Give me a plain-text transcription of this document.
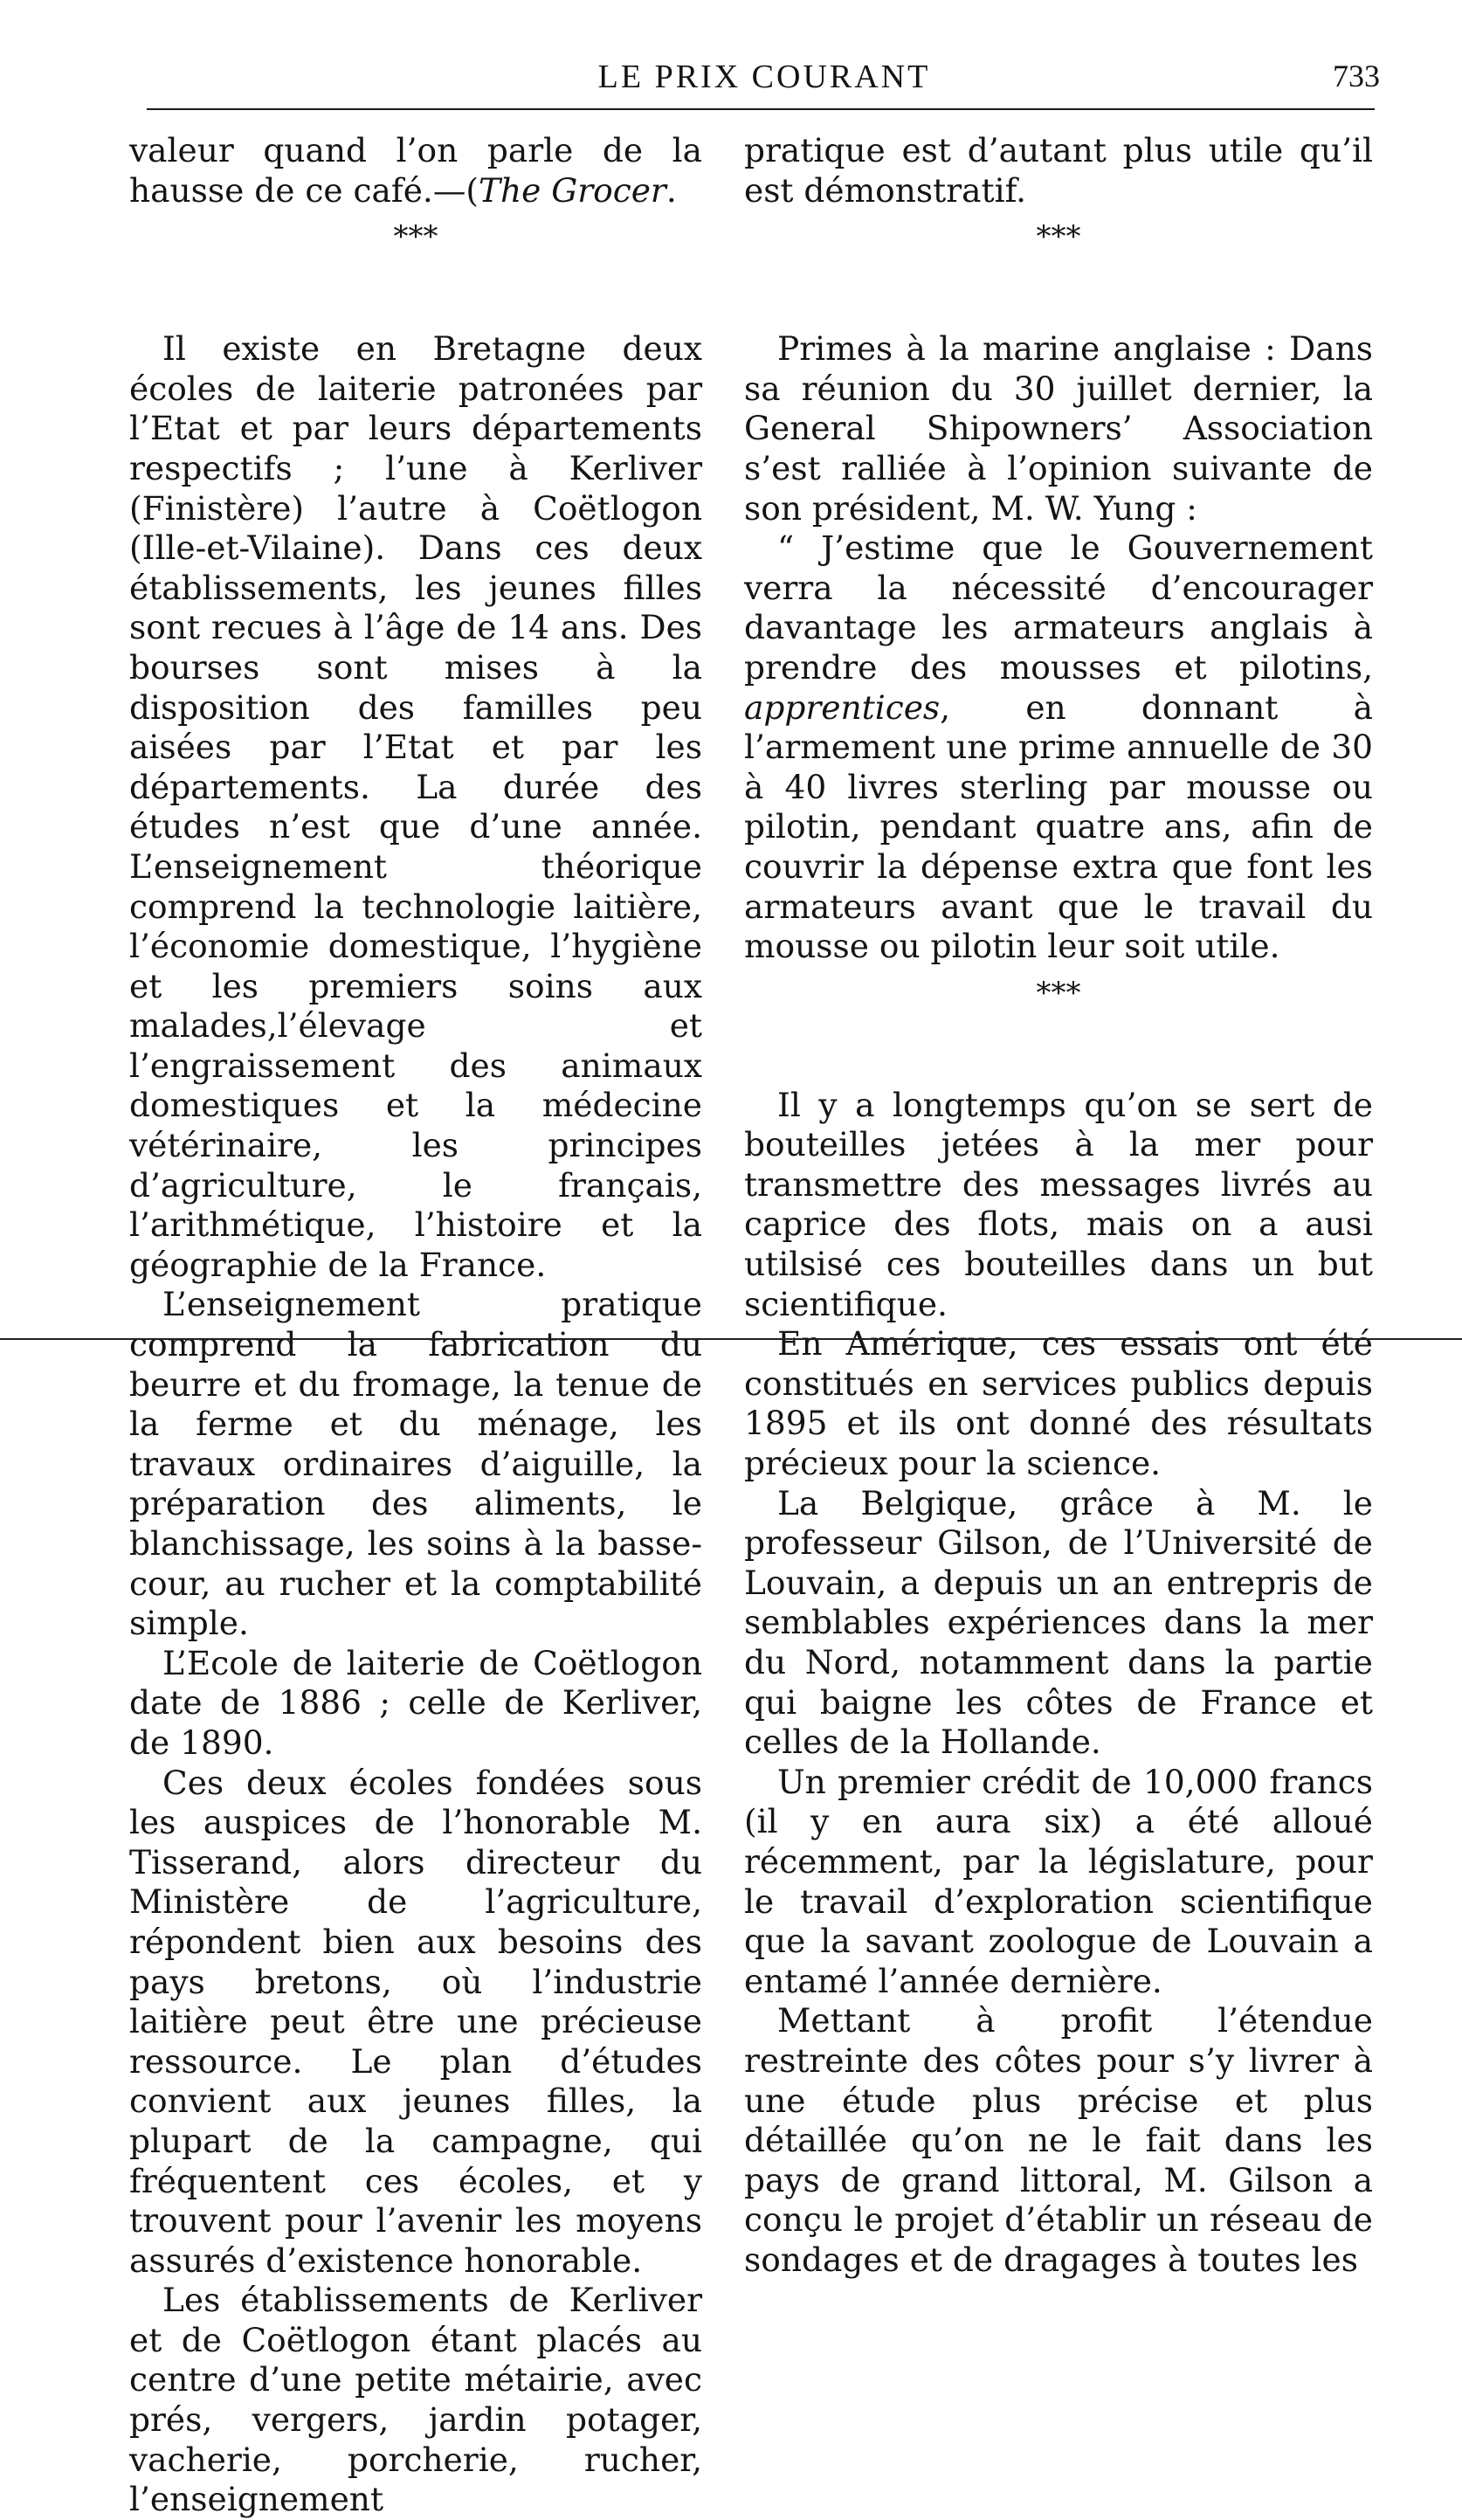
LE PRIX COURANT	733

valeur quand l’on parle de la hausse de ce café.—(The Grocer.

***

Il existe en Bretagne deux écoles de laiterie patronées par l’Etat et par leurs départements respectifs ; l’une à Kerliver (Finistère) l’autre à Coëtlogon (Ille-et-Vilaine). Dans ces deux établissements, les jeunes filles sont recues à l’âge de 14 ans. Des bourses sont mises à la disposition des familles peu aisées par l’Etat et par les départements. La durée des études n’est que d’une année. L’enseignement théorique comprend la technologie laitière, l’économie domestique, l’hygiène et les premiers soins aux malades,l’élevage et l’engraissement des animaux domestiques et la médecine vétérinaire, les principes d’agriculture, le français, l’arithmétique, l’histoire et la géographie de la France.

L’enseignement pratique comprend la fabrication du beurre et du fromage, la tenue de la ferme et du ménage, les travaux ordinaires d’aiguille, la préparation des aliments, le blanchissage, les soins à la basse-cour, au rucher et la comptabilité simple.

L’Ecole de laiterie de Coëtlogon date de 1886 ; celle de Kerliver, de 1890.

Ces deux écoles fondées sous les auspices de l’honorable M. Tisserand, alors directeur du Ministère de l’agriculture, répondent bien aux besoins des pays bretons, où l’industrie laitière peut être une précieuse ressource. Le plan d’études convient aux jeunes filles, la plupart de la campagne, qui fréquentent ces écoles, et y trouvent pour l’avenir les moyens assurés d’existence honorable.

Les établissements de Kerliver et de Coëtlogon étant placés au centre d’une petite métairie, avec prés, vergers, jardin potager, vacherie, porcherie, rucher, l’enseignement

pratique est d’autant plus utile qu’il est démonstratif.

***

Primes à la marine anglaise : Dans sa réunion du 30 juillet dernier, la General Shipowners’ Association s’est ralliée à l’opinion suivante de son président, M. W. Yung :

“ J’estime que le Gouvernement verra la nécessité d’encourager davantage les armateurs anglais à prendre des mousses et pilotins, apprentices, en donnant à l’armement une prime annuelle de 30 à 40 livres sterling par mousse ou pilotin, pendant quatre ans, afin de couvrir la dépense extra que font les armateurs avant que le travail du mousse ou pilotin leur soit utile.

***

Il y a longtemps qu’on se sert de bouteilles jetées à la mer pour transmettre des messages livrés au caprice des flots, mais on a ausi utilsisé ces bouteilles dans un but scientifique.

En Amérique, ces essais ont été constitués en services publics depuis 1895 et ils ont donné des résultats précieux pour la science.

La Belgique, grâce à M. le professeur Gilson, de l’Université de Louvain, a depuis un an entrepris de semblables expériences dans la mer du Nord, notamment dans la partie qui baigne les côtes de France et celles de la Hollande.

Un premier crédit de 10,000 francs (il y en aura six) a été alloué récemment, par la législature, pour le travail d’exploration scientifique que la savant zoologue de Louvain a entamé l’année dernière.

Mettant à profit l’étendue restreinte des côtes pour s’y livrer à une étude plus précise et plus détaillée qu’on ne le fait dans les pays de grand littoral, M. Gilson a conçu le projet d’établir un réseau de sondages et de dragages à toutes les
